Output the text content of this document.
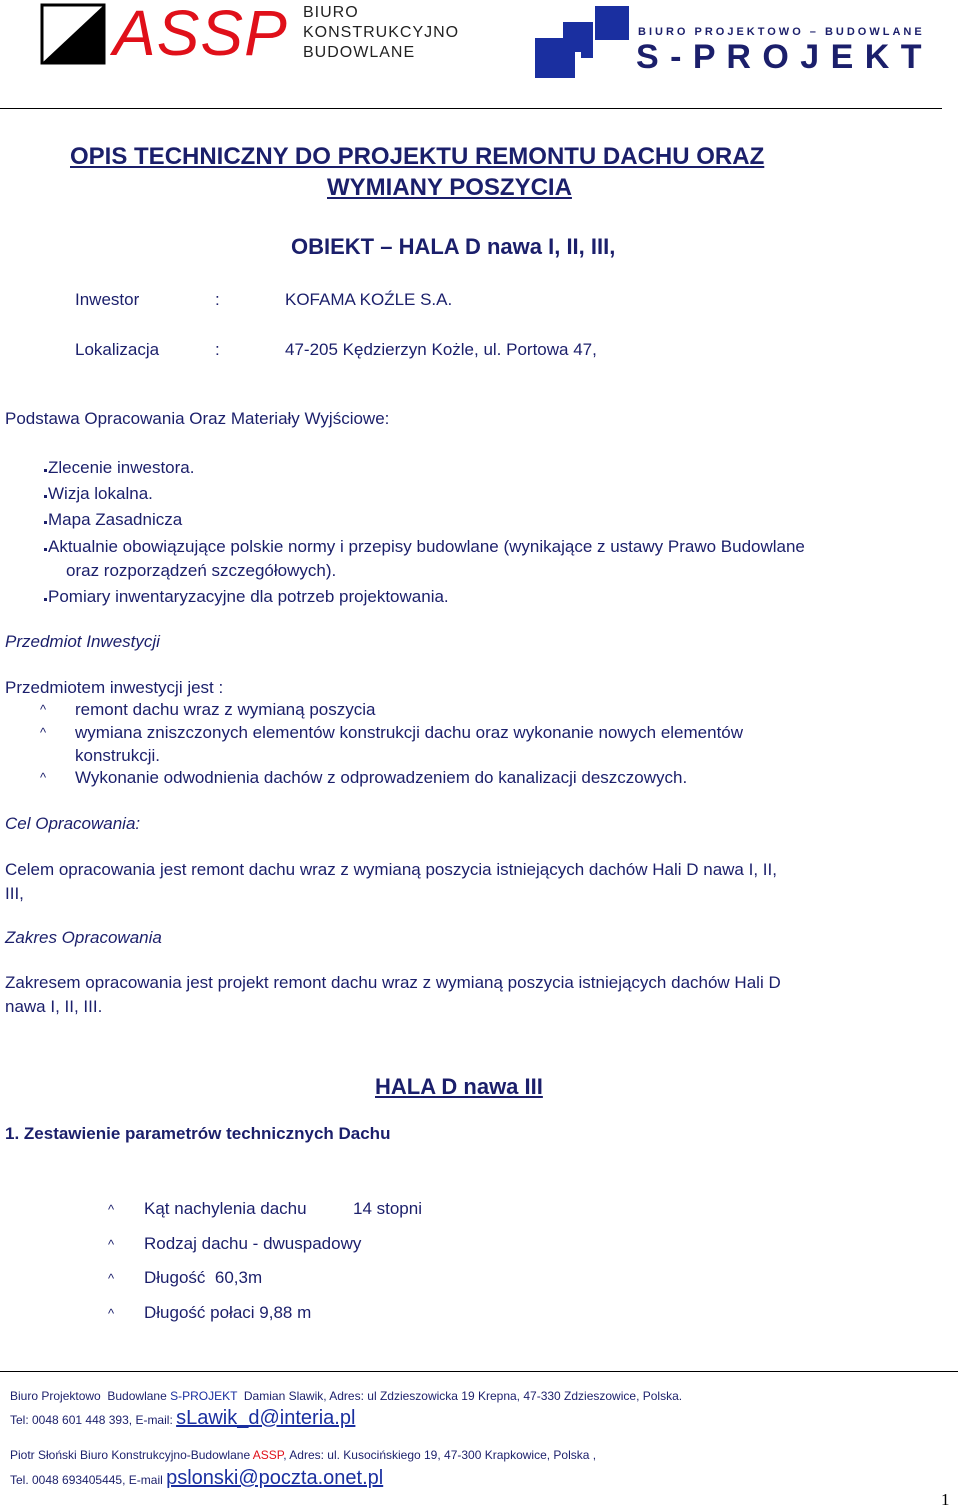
ASSP BIURO
KONSTRUKCYJNO
BUDOWLANE
BIURO PROJEKTOWO – BUDOWLANE
S - P R O J E K T
OPIS TECHNICZNY DO PROJEKTU REMONTU DACHU ORAZ
WYMIANY POSZYCIA
OBIEKT – HALA D nawa I, II, III,
Inwestor	:	KOFAMA KOŹLE S.A.
Lokalizacja	:	47-205 Kędzierzyn Kożle, ul. Portowa 47,
Podstawa Opracowania Oraz Materiały Wyjściowe:
Zlecenie inwestora.
Wizja lokalna.
Mapa Zasadnicza
Aktualnie obowiązujące polskie normy i przepisy budowlane (wynikające z ustawy Prawo Budowlane
oraz rozporządzeń szczegółowych).
Pomiary inwentaryzacyjne dla potrzeb projektowania.
Przedmiot Inwestycji
Przedmiotem inwestycji jest :
^ remont dachu wraz z wymianą poszycia
^ wymiana zniszczonych elementów konstrukcji dachu oraz wykonanie nowych elementów
konstrukcji.
^ Wykonanie odwodnienia dachów z odprowadzeniem do kanalizacji deszczowych.
Cel Opracowania:
Celem opracowania jest remont dachu wraz z wymianą poszycia istniejących dachów Hali D nawa I, II,
III,
Zakres Opracowania
Zakresem opracowania jest projekt remont dachu wraz z wymianą poszycia istniejących dachów Hali D
nawa I, II, III.
HALA D nawa III
1. Zestawienie parametrów technicznych Dachu
^ Kąt nachylenia dachu	14 stopni
^ Rodzaj dachu - dwuspadowy
^ Długość  60,3m
^ Długość połaci 9,88 m
Biuro Projektowo  Budowlane S-PROJEKT  Damian Slawik, Adres: ul Zdzieszowicka 19 Krepna, 47-330 Zdzieszowice, Polska.
Tel: 0048 601 448 393, E-mail: sLawik_d@interia.pl
Piotr Słoński Biuro Konstrukcyjno-Budowlane ASSP, Adres: ul. Kusocińskiego 19, 47-300 Krapkowice, Polska ,
Tel. 0048 693405445, E-mail pslonski@poczta.onet.pl
1
